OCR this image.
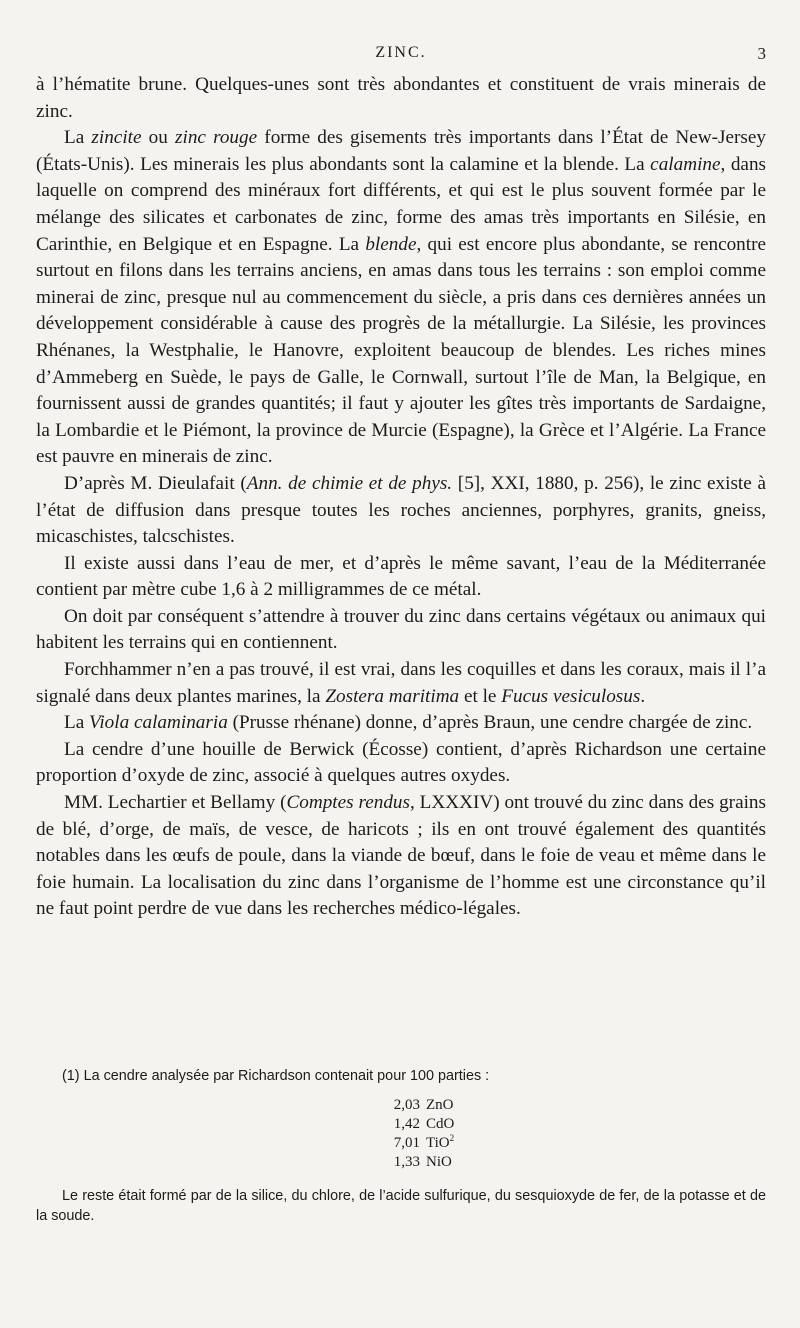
ZINC.	3

à l’hématite brune. Quelques-unes sont très abondantes et constituent de vrais minerais de zinc.

La zincite ou zinc rouge forme des gisements très importants dans l’État de New-Jersey (États-Unis). Les minerais les plus abondants sont la calamine et la blende. La calamine, dans laquelle on comprend des minéraux fort différents, et qui est le plus souvent formée par le mélange des silicates et carbonates de zinc, forme des amas très importants en Silésie, en Carinthie, en Belgique et en Espagne. La blende, qui est encore plus abondante, se rencontre surtout en filons dans les terrains anciens, en amas dans tous les terrains : son emploi comme minerai de zinc, presque nul au commencement du siècle, a pris dans ces dernières années un développement considérable à cause des progrès de la métallurgie. La Silésie, les provinces Rhénanes, la Westphalie, le Hanovre, exploitent beaucoup de blendes. Les riches mines d’Ammeberg en Suède, le pays de Galle, le Cornwall, surtout l’île de Man, la Belgique, en fournissent aussi de grandes quantités; il faut y ajouter les gîtes très importants de Sardaigne, la Lombardie et le Piémont, la province de Murcie (Espagne), la Grèce et l’Algérie. La France est pauvre en minerais de zinc.

D’après M. Dieulafait (Ann. de chimie et de phys. [5], XXI, 1880, p. 256), le zinc existe à l’état de diffusion dans presque toutes les roches anciennes, porphyres, granits, gneiss, micaschistes, talcschistes.

Il existe aussi dans l’eau de mer, et d’après le même savant, l’eau de la Méditerranée contient par mètre cube 1,6 à 2 milligrammes de ce métal.

On doit par conséquent s’attendre à trouver du zinc dans certains végétaux ou animaux qui habitent les terrains qui en contiennent.

Forchhammer n’en a pas trouvé, il est vrai, dans les coquilles et dans les coraux, mais il l’a signalé dans deux plantes marines, la Zostera maritima et le Fucus vesiculosus.

La Viola calaminaria (Prusse rhénane) donne, d’après Braun, une cendre chargée de zinc.

La cendre d’une houille de Berwick (Écosse) contient, d’après Richardson une certaine proportion d’oxyde de zinc, associé à quelques autres oxydes.

MM. Lechartier et Bellamy (Comptes rendus, LXXXIV) ont trouvé du zinc dans des grains de blé, d’orge, de maïs, de vesce, de haricots ; ils en ont trouvé également des quantités notables dans les œufs de poule, dans la viande de bœuf, dans le foie de veau et même dans le foie humain. La localisation du zinc dans l’organisme de l’homme est une circonstance qu’il ne faut point perdre de vue dans les recherches médico-légales.

(1) La cendre analysée par Richardson contenait pour 100 parties :

2,03 ZnO
1,42 CdO
7,01 TiO$^2$
1,33 NiO

Le reste était formé par de la silice, du chlore, de l’acide sulfurique, du sesquioxyde de fer, de la potasse et de la soude.
